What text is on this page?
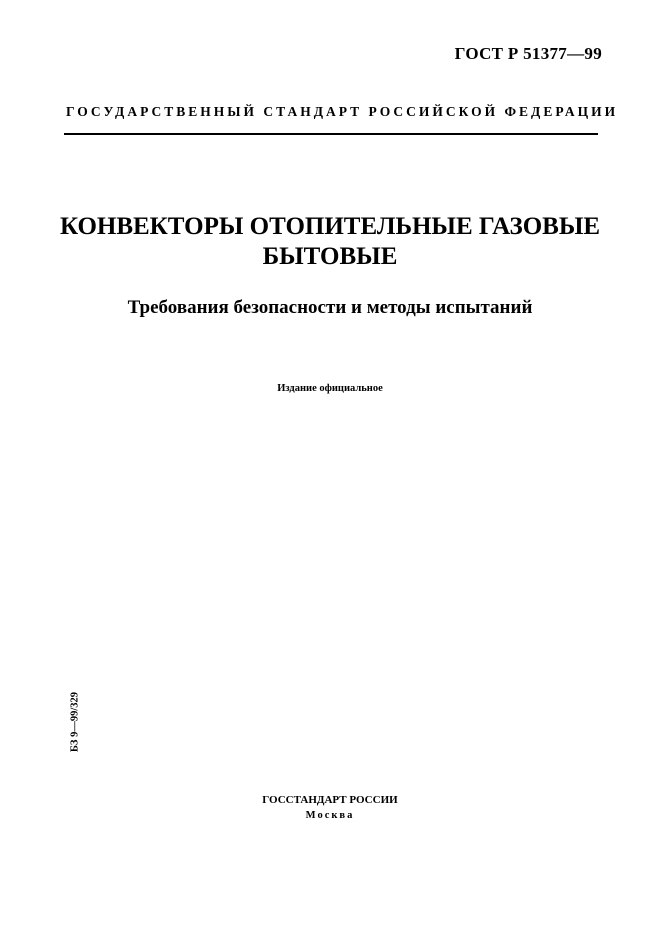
ГОСТ Р 51377—99
ГОСУДАРСТВЕННЫЙ СТАНДАРТ РОССИЙСКОЙ ФЕДЕРАЦИИ
КОНВЕКТОРЫ ОТОПИТЕЛЬНЫЕ ГАЗОВЫЕ
БЫТОВЫЕ
Требования безопасности и методы испытаний
Издание официальное
БЗ 9—99/329
ГОССТАНДАРТ РОССИИ
Москва
